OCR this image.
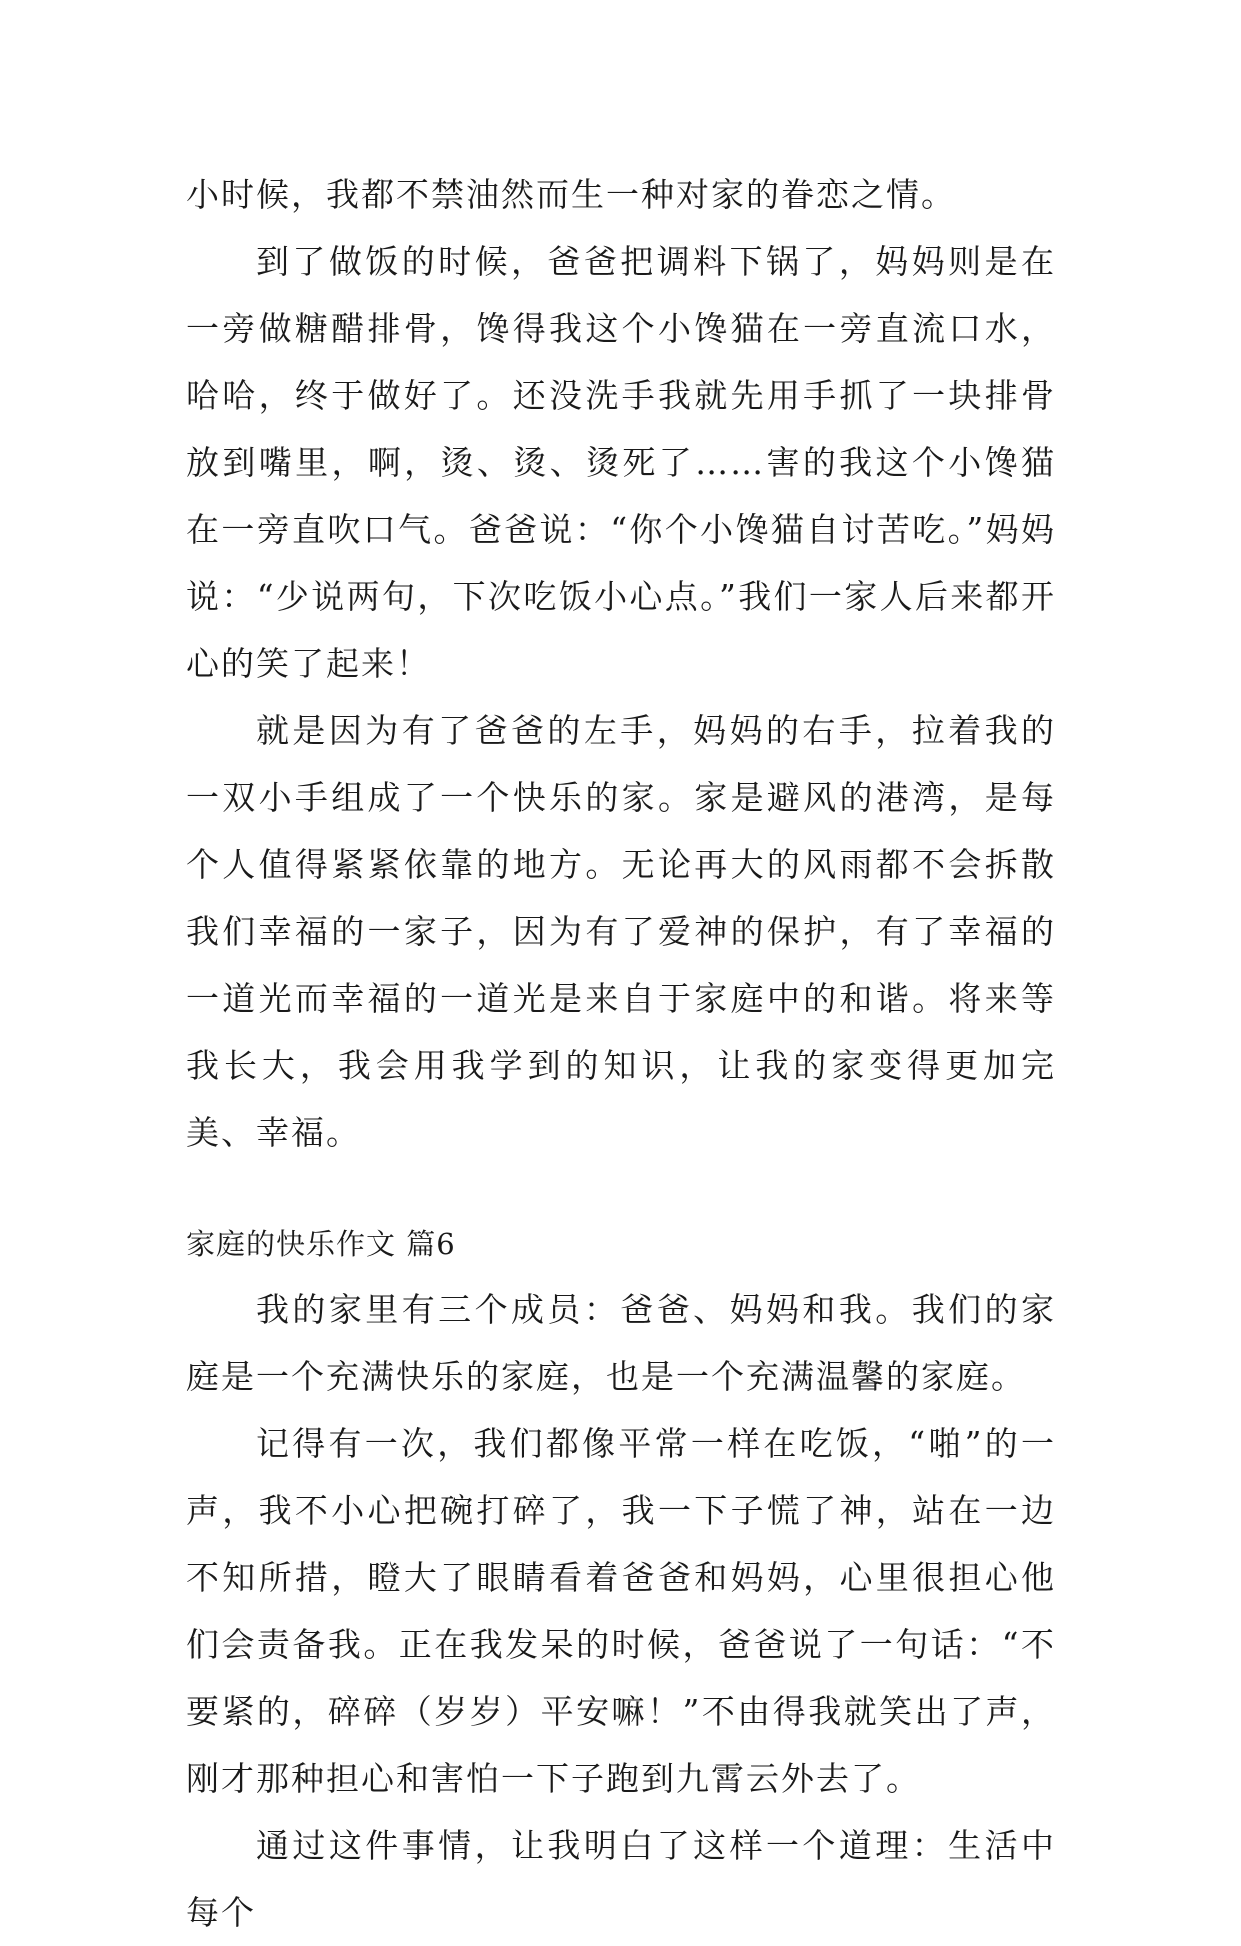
小时候，我都不禁油然而生一种对家的眷恋之情。

到了做饭的时候，爸爸把调料下锅了，妈妈则是在一旁做糖醋排骨，馋得我这个小馋猫在一旁直流口水，哈哈，终于做好了。还没洗手我就先用手抓了一块排骨放到嘴里，啊，烫、烫、烫死了……害的我这个小馋猫在一旁直吹口气。爸爸说：“你个小馋猫自讨苦吃。”妈妈说：“少说两句，下次吃饭小心点。”我们一家人后来都开心的笑了起来！

就是因为有了爸爸的左手，妈妈的右手，拉着我的一双小手组成了一个快乐的家。家是避风的港湾，是每个人值得紧紧依靠的地方。无论再大的风雨都不会拆散我们幸福的一家子，因为有了爱神的保护，有了幸福的一道光而幸福的一道光是来自于家庭中的和谐。将来等我长大，我会用我学到的知识，让我的家变得更加完美、幸福。

家庭的快乐作文 篇6

我的家里有三个成员：爸爸、妈妈和我。我们的家庭是一个充满快乐的家庭，也是一个充满温馨的家庭。

记得有一次，我们都像平常一样在吃饭，“啪”的一声，我不小心把碗打碎了，我一下子慌了神，站在一边不知所措，瞪大了眼睛看着爸爸和妈妈，心里很担心他们会责备我。正在我发呆的时候，爸爸说了一句话：“不要紧的，碎碎（岁岁）平安嘛！”不由得我就笑出了声，刚才那种担心和害怕一下子跑到九霄云外去了。

通过这件事情，让我明白了这样一个道理：生活中每个
